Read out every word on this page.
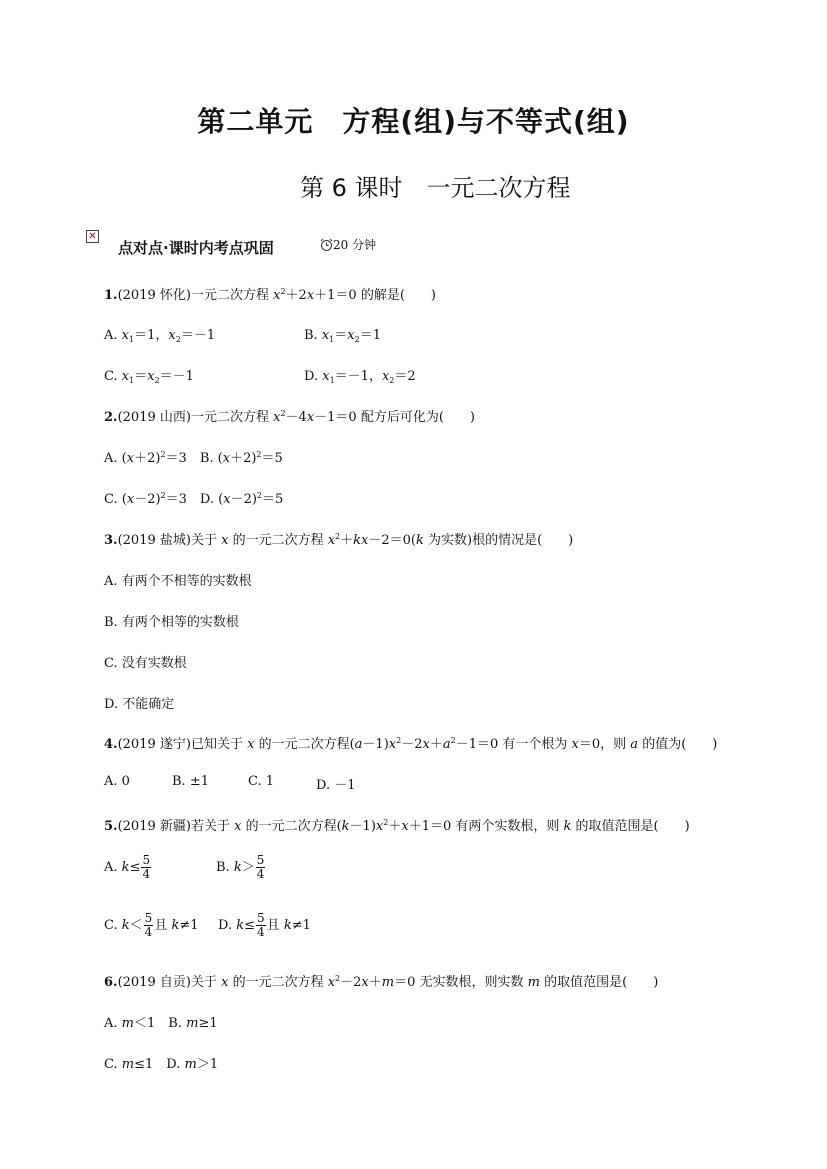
第二单元　方程(组)与不等式(组)
第 6 课时　一元二次方程
✕
点对点·课时内考点巩固	20 分钟
1.(2019 怀化)一元二次方程 $x^2+2x+1=0$ 的解是(　　)
A. $x_1=1$，$x_2=-1$	B. $x_1=x_2=1$
C. $x_1=x_2=-1$	D. $x_1=-1$，$x_2=2$
2.(2019 山西)一元二次方程 $x^2-4x-1=0$ 配方后可化为(　　)
A. $(x+2)^2=3$　B. $(x+2)^2=5$
C. $(x-2)^2=3$　D. $(x-2)^2=5$
3.(2019 盐城)关于 x 的一元二次方程 $x^2+kx-2=0(k$ 为实数)根的情况是(　　)
A. 有两个不相等的实数根
B. 有两个相等的实数根
C. 没有实数根
D. 不能确定
4.(2019 遂宁)已知关于 x 的一元二次方程$(a-1)x^2-2x+a^2-1=0$ 有一个根为 x＝0，则 a 的值为(　　)
A. 0	B. ±1	C. 1	D. －1
5.(2019 新疆)若关于 x 的一元二次方程$(k-1)x^2+x+1=0$ 有两个实数根，则 k 的取值范围是(　　)
A. $k\le \frac{5}{4}$	B. $k> \frac{5}{4}$
C. $k< \frac{5}{4}$ 且 k≠1 D. $k\le \frac{5}{4}$ 且 k≠1
6.(2019 自贡)关于 x 的一元二次方程 $x^2-2x+m=0$ 无实数根，则实数 m 的取值范围是(　　)
A. m＜1　B. m≥1
C. m≤1　D. m＞1
